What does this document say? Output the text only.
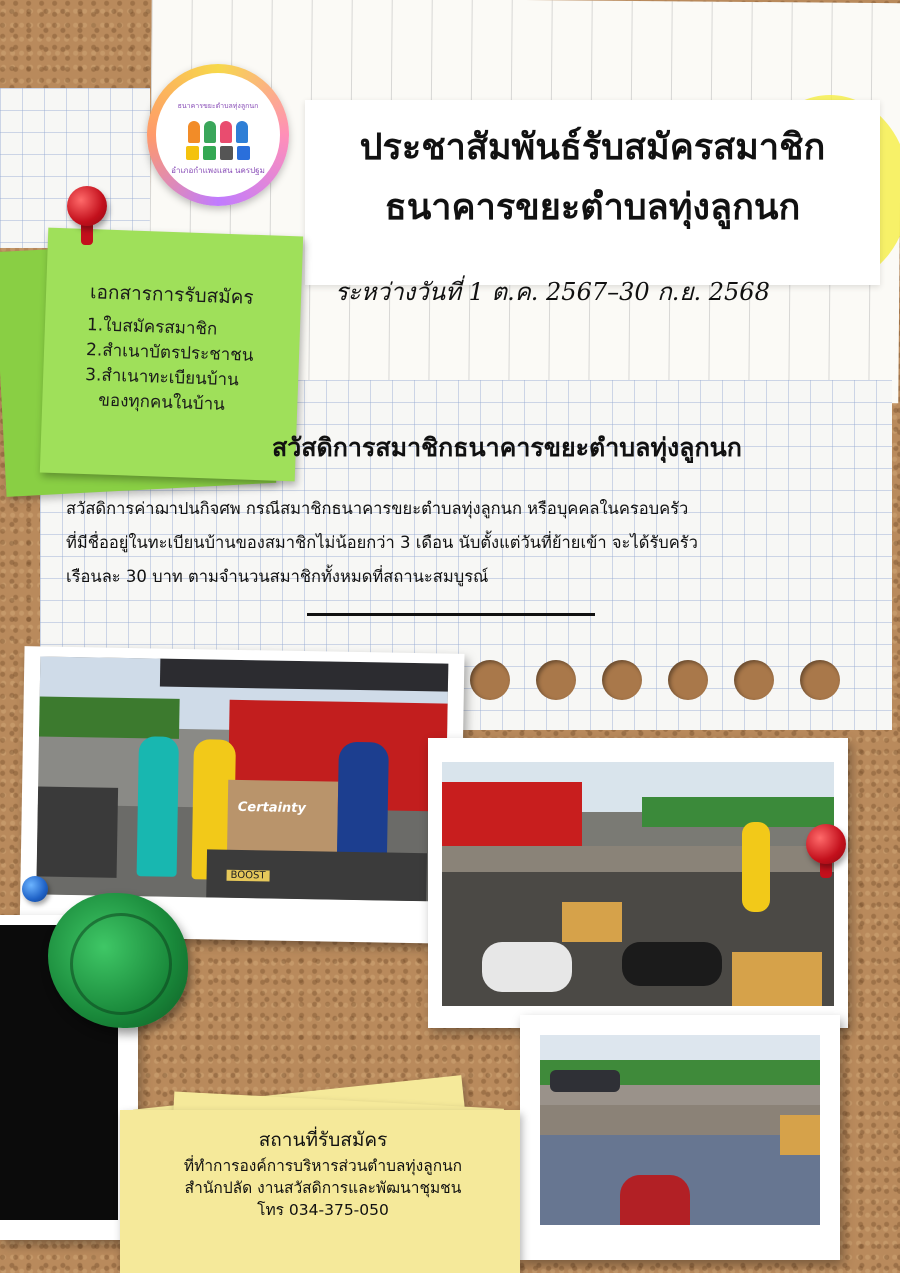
ธนาคารขยะตำบลทุ่งลูกนก
อำเภอกำแพงแสน นครปฐม
ประชาสัมพันธ์รับสมัครสมาชิก
ธนาคารขยะตำบลทุ่งลูกนก
ระหว่างวันที่ 1 ต.ค. 2567–30 ก.ย. 2568
เอกสารการรับสมัคร
1.ใบสมัครสมาชิก
2.สำเนาบัตรประชาชน
3.สำเนาทะเบียนบ้าน
ของทุกคนในบ้าน
สวัสดิการสมาชิกธนาคารขยะตำบลทุ่งลูกนก
สวัสดิการค่าฌาปนกิจศพ กรณีสมาชิกธนาคารขยะตำบลทุ่งลูกนก หรือบุคคลในครอบครัว
ที่มีชื่ออยู่ในทะเบียนบ้านของสมาชิกไม่น้อยกว่า 3 เดือน นับตั้งแต่วันที่ย้ายเข้า จะได้รับครัว
เรือนละ 30 บาท ตามจำนวนสมาชิกทั้งหมดที่สถานะสมบูรณ์
Certainty
BOOST
สถานที่รับสมัคร
ที่ทำการองค์การบริหารส่วนตำบลทุ่งลูกนก
สำนักปลัด งานสวัสดิการและพัฒนาชุมชน
โทร 034-375-050
